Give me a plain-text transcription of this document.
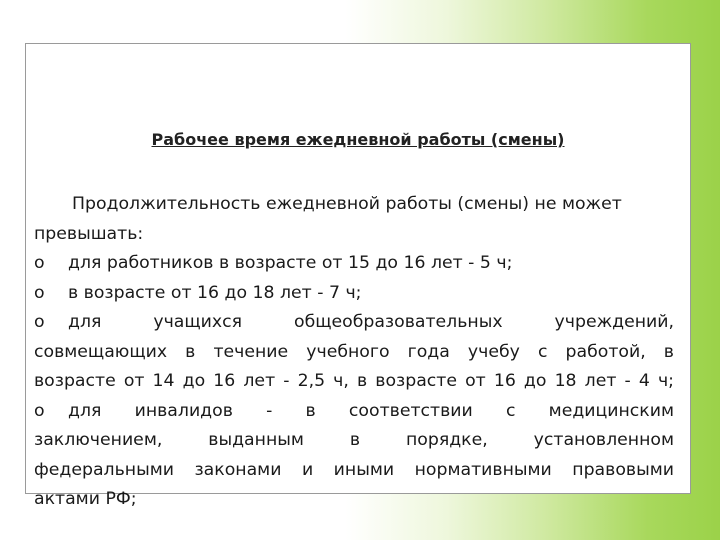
Рабочее время ежедневной работы (смены)
Продолжительность ежедневной работы (смены) не может
превышать:
o для работников в возрасте от 15 до 16 лет - 5 ч;
o в возрасте от 16 до 18 лет - 7 ч;
o для учащихся общеобразовательных учреждений,
совмещающих в течение учебного года учебу с работой, в
возрасте от 14 до 16 лет - 2,5 ч, в возрасте от 16 до 18 лет - 4 ч;
o для инвалидов - в соответствии с медицинским
заключением, выданным в порядке, установленном
федеральными законами и иными нормативными правовыми
актами РФ;
